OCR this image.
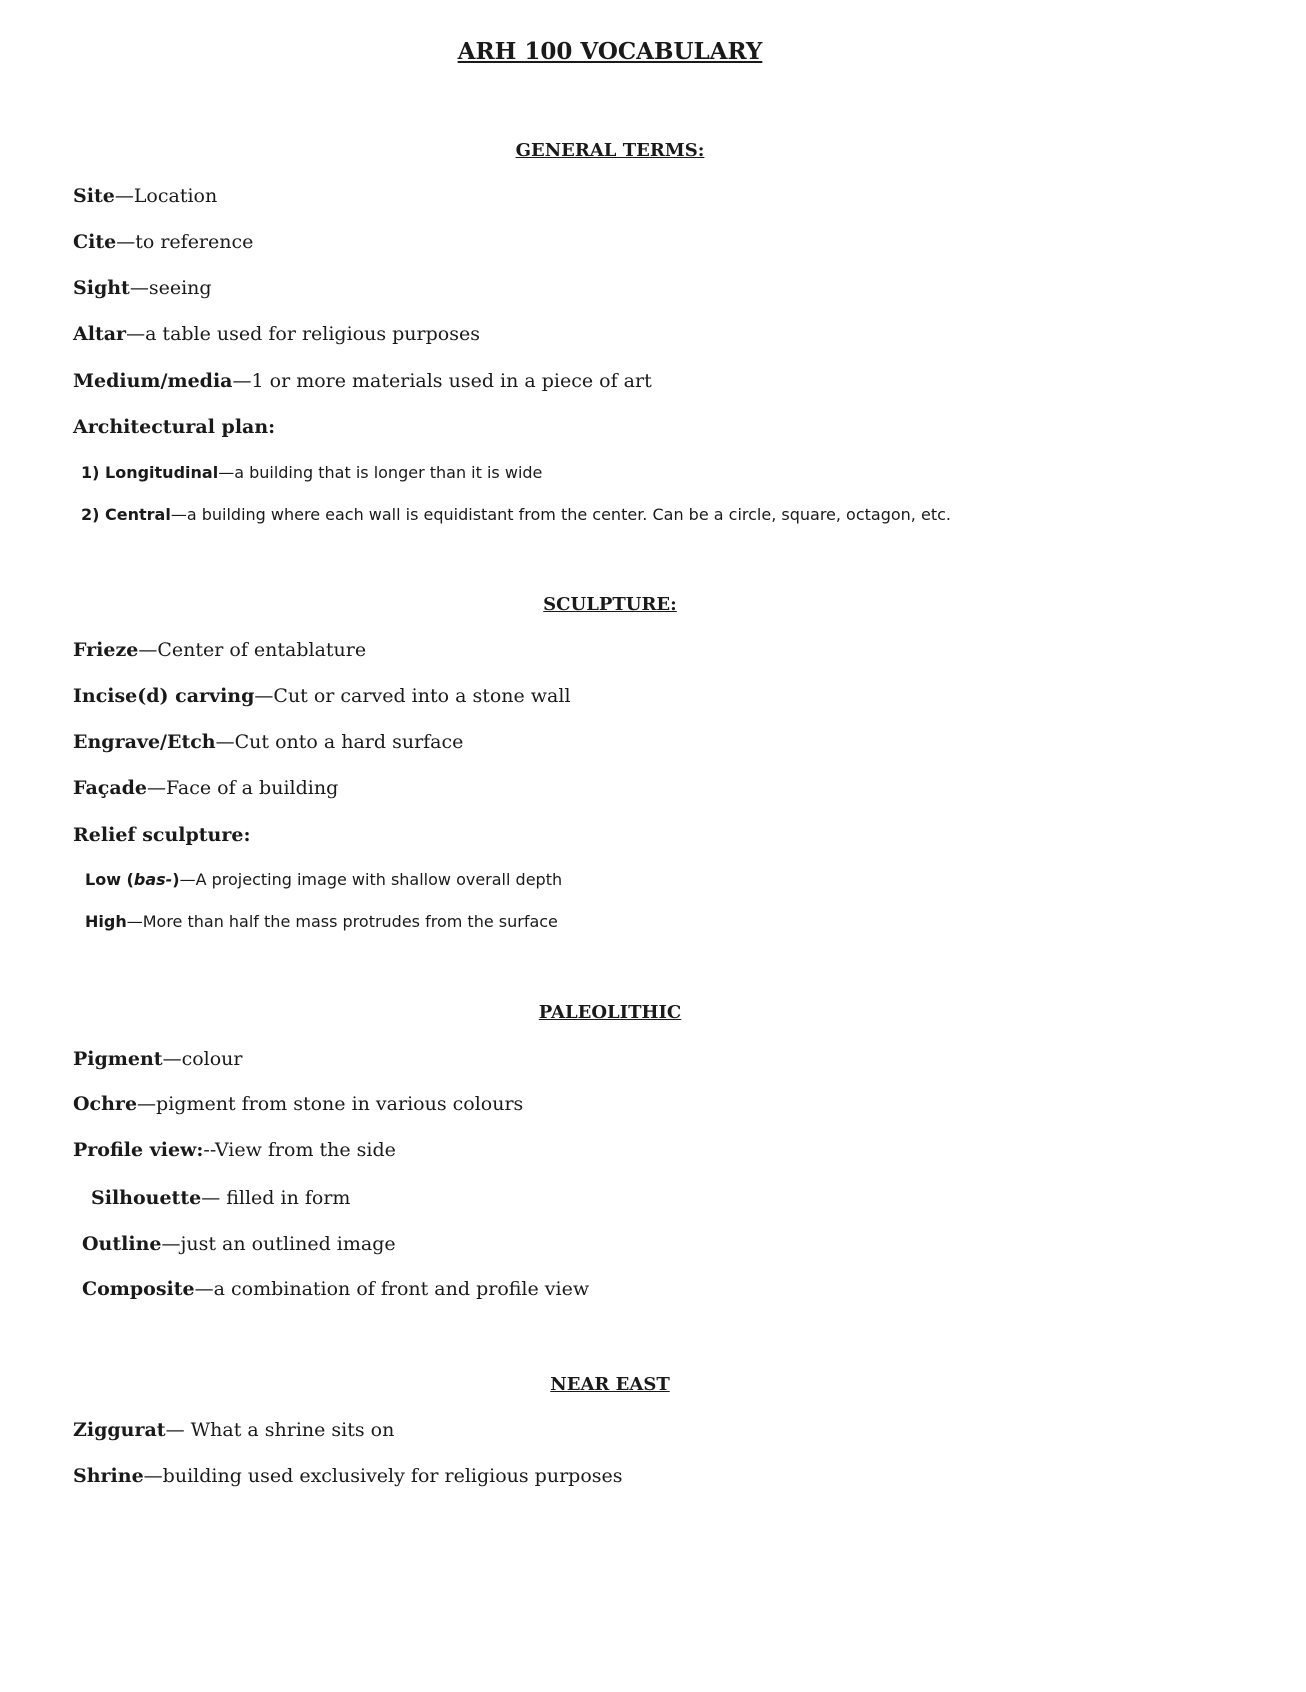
ARH 100 VOCABULARY
GENERAL TERMS:

Site—Location

Cite—to reference

Sight—seeing

Altar—a table used for religious purposes

Medium/media—1 or more materials used in a piece of art

Architectural plan:

1) Longitudinal—a building that is longer than it is wide

2) Central—a building where each wall is equidistant from the center. Can be a circle, square, octagon, etc.

SCULPTURE:

Frieze—Center of entablature

Incise(d) carving—Cut or carved into a stone wall

Engrave/Etch—Cut onto a hard surface

Façade—Face of a building

Relief sculpture:

Low (bas-)—A projecting image with shallow overall depth

High—More than half the mass protrudes from the surface

PALEOLITHIC

Pigment—colour

Ochre—pigment from stone in various colours

Profile view:--View from the side

Silhouette— filled in form

Outline—just an outlined image

Composite—a combination of front and profile view

NEAR EAST

Ziggurat— What a shrine sits on

Shrine—building used exclusively for religious purposes
